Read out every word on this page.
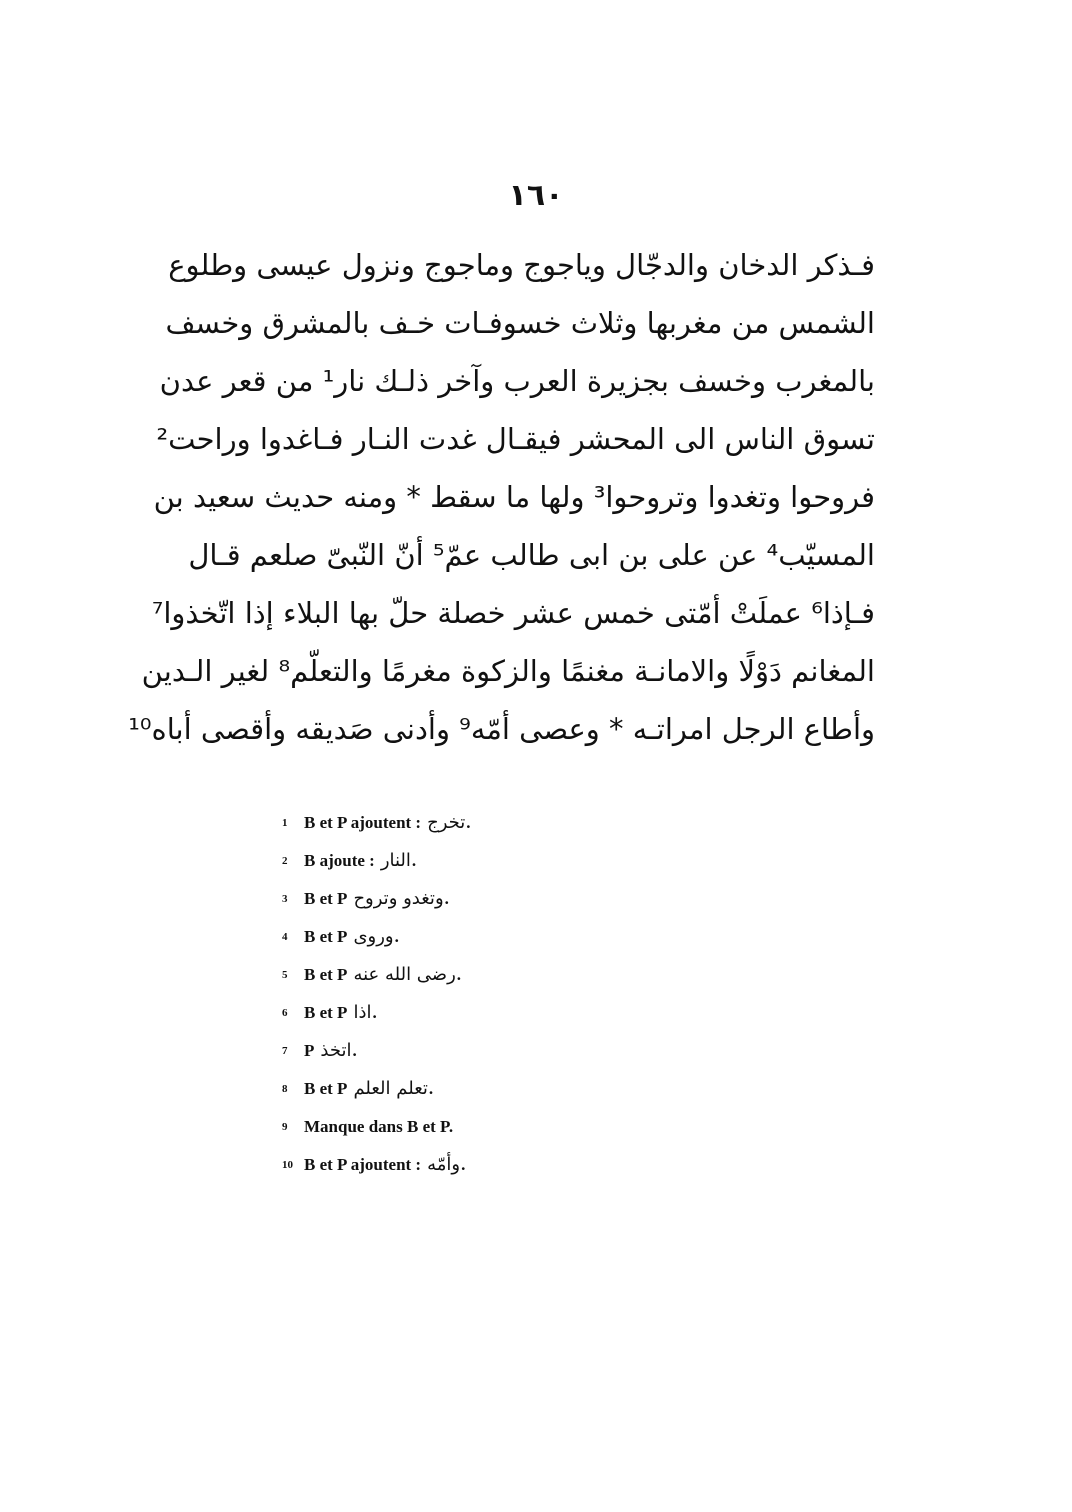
١٦٠
فـذكر الدخان والدجّال وياجوج وماجوج ونزول عيسى وطلوع
الشمس من مغربها وثلاث خسوفـات خـف بالمشرق وخسف
بالمغرب وخسف بجزيرة العرب وآخر ذلـك نار¹ من قعر عدن
تسوق الناس الى المحشر فيقـال غدت النـار فـاغدوا وراحت²
فروحوا وتغدوا وتروحوا³ ولها ما سقط * ومنه حديث سعيد بن
المسيّب⁴ عن على بن ابى طالب عمّ⁵ أنّ النّبىّ صلعم قـال
فـإذا⁶ عملَتْ أمّتى خمس عشر خصلة حلّ بها البلاء إذا اتّخذوا⁷
المغانم دَوْلًا والامانـة مغنمًا والزكوة مغرمًا والتعلّم⁸ لغير الـدين
وأطاع الرجل امراتـه * وعصى أمّه⁹ وأدنى صَديقه وأقصى أباه¹⁰
1 B et P ajoutent : تخرج .
2 B ajoute : النار .
3 B et P وتغدو وتروح .
4 B et P وروى .
5 B et P رضى الله عنه .
6 B et P اذا .
7 P اتخذ .
8 B et P تعلم العلم .
9 Manque dans B et P.
10 B et P ajoutent : وأمّه .
